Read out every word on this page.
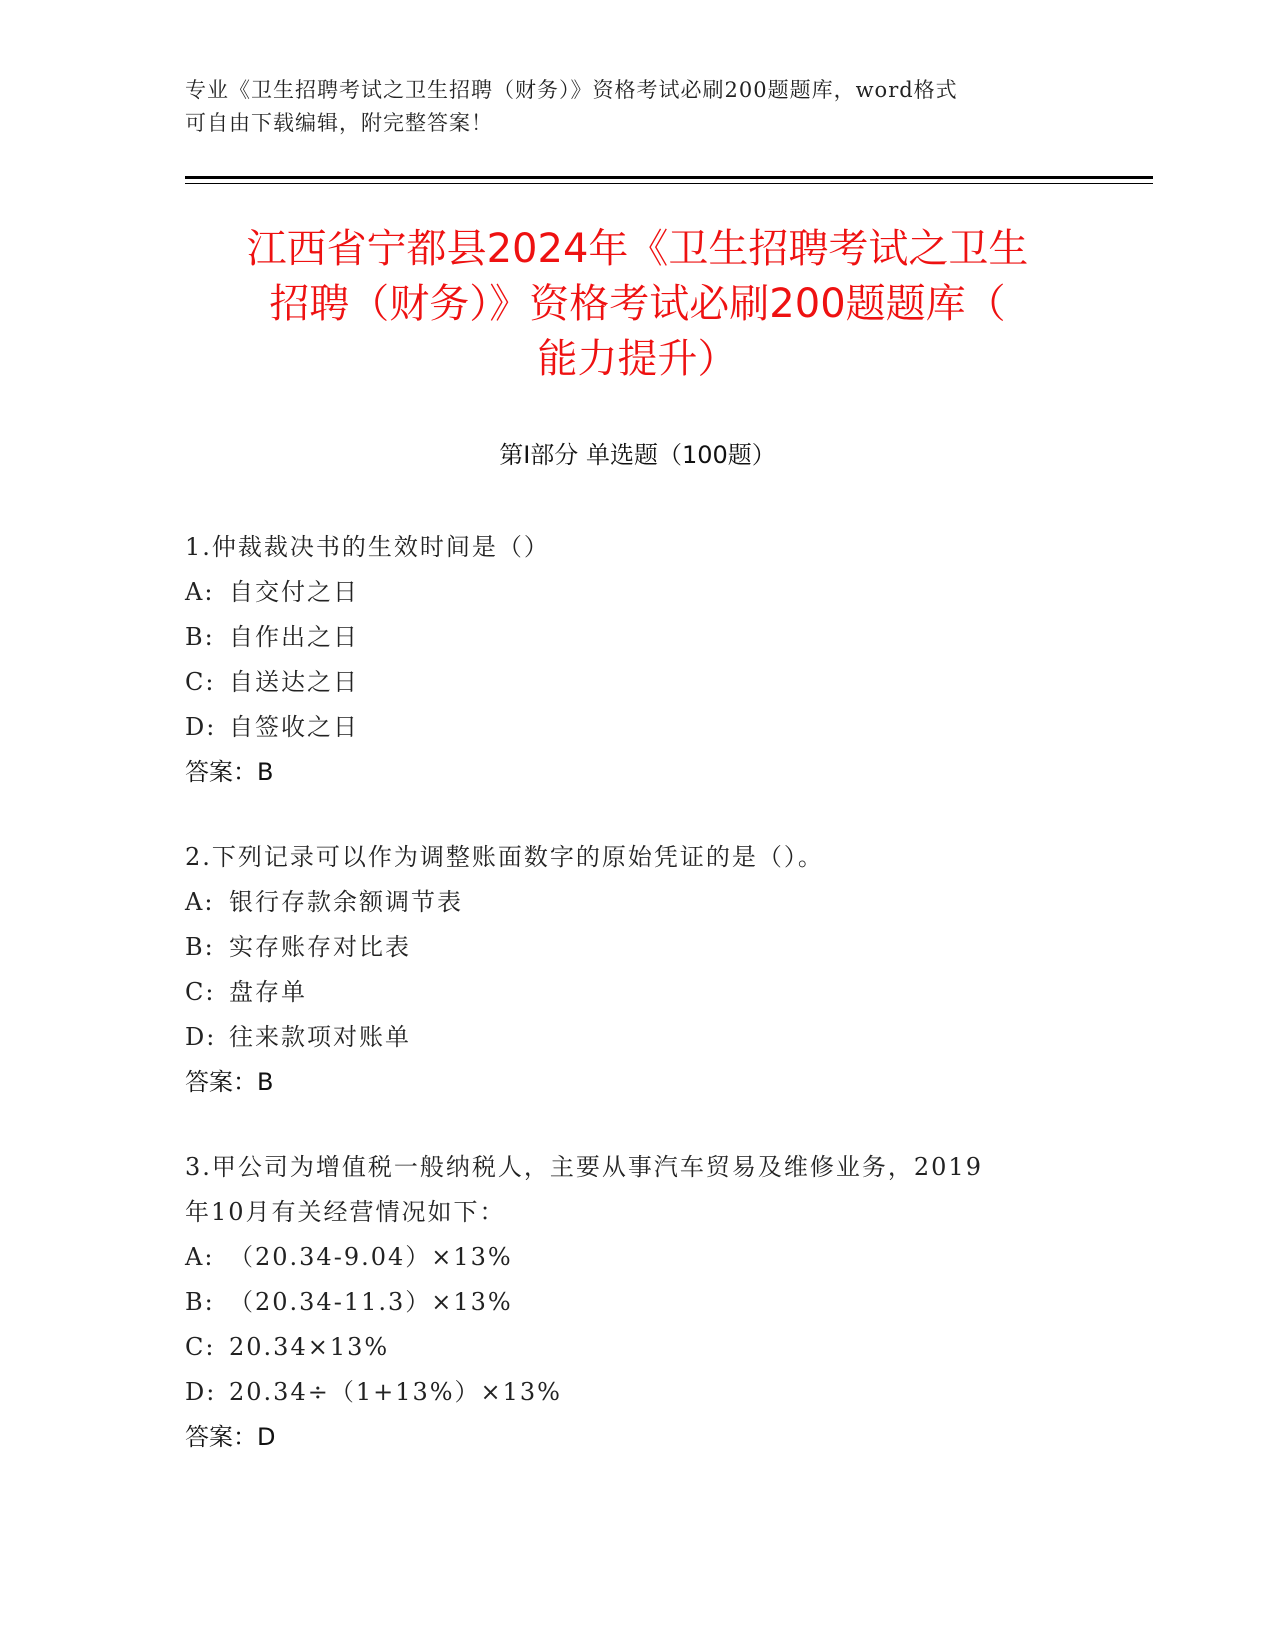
专业《卫生招聘考试之卫生招聘（财务）》资格考试必刷200题题库，word格式
可自由下载编辑，附完整答案！
江西省宁都县2024年《卫生招聘考试之卫生
招聘（财务）》资格考试必刷200题题库（
能力提升）
第I部分 单选题（100题）
1.仲裁裁决书的生效时间是（）
A: 自交付之日
B: 自作出之日
C: 自送达之日
D: 自签收之日
答案：B
2.下列记录可以作为调整账面数字的原始凭证的是（）。
A: 银行存款余额调节表
B: 实存账存对比表
C: 盘存单
D: 往来款项对账单
答案：B
3.甲公司为增值税一般纳税人，主要从事汽车贸易及维修业务，2019
年10月有关经营情况如下：
A: （20.34-9.04）×13%
B: （20.34-11.3）×13%
C: 20.34×13%
D: 20.34÷（1+13%）×13%
答案：D
